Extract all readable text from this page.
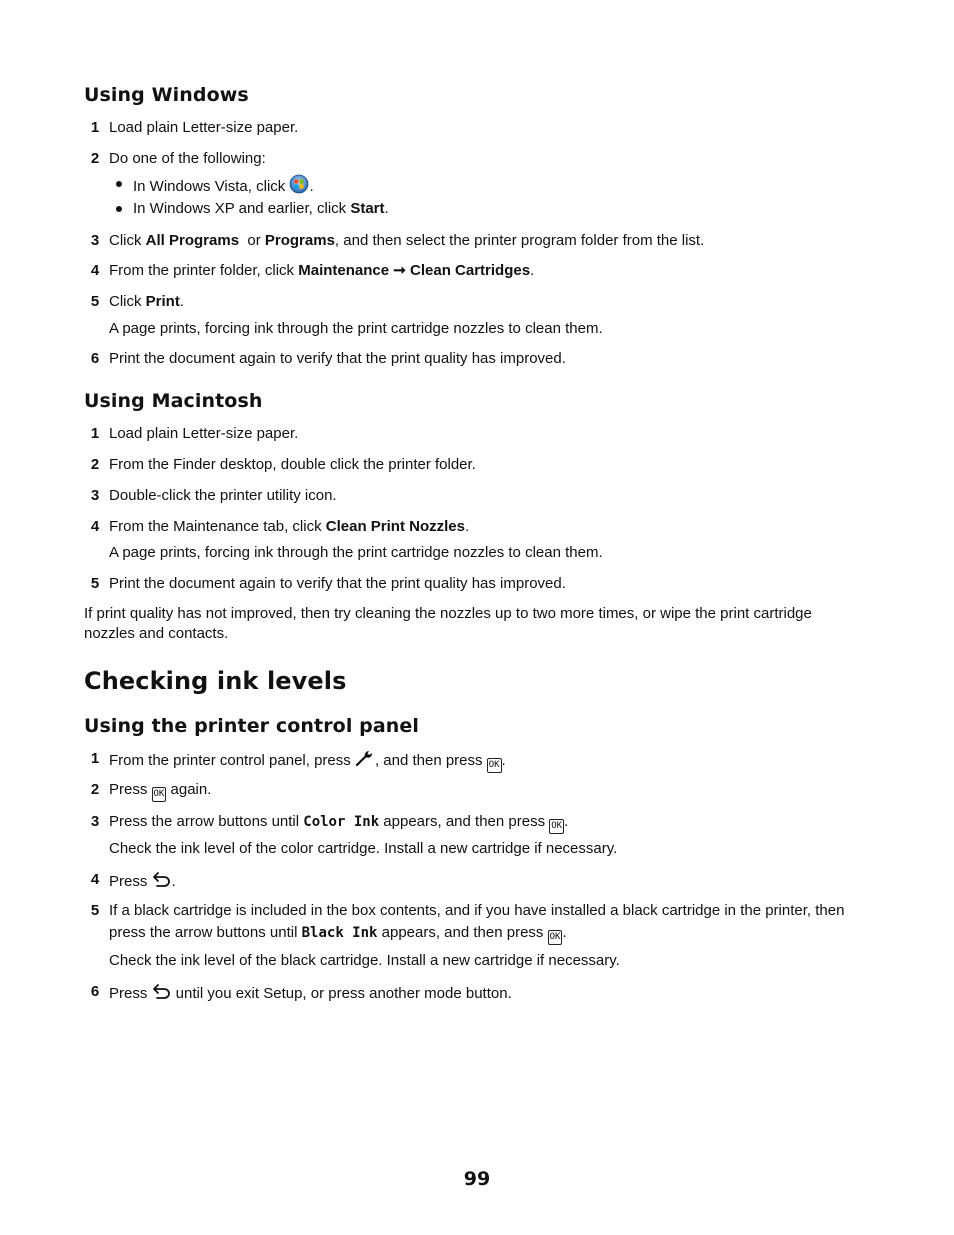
Using Windows
1 Load plain Letter-size paper.
2 Do one of the following:
In Windows Vista, click .
In Windows XP and earlier, click Start.
3 Click All Programs  or Programs, and then select the printer program folder from the list.
4 From the printer folder, click Maintenance ➞ Clean Cartridges.
5 Click Print.
A page prints, forcing ink through the print cartridge nozzles to clean them.
6 Print the document again to verify that the print quality has improved.
Using Macintosh
1 Load plain Letter-size paper.
2 From the Finder desktop, double click the printer folder.
3 Double-click the printer utility icon.
4 From the Maintenance tab, click Clean Print Nozzles.
A page prints, forcing ink through the print cartridge nozzles to clean them.
5 Print the document again to verify that the print quality has improved.
If print quality has not improved, then try cleaning the nozzles up to two more times, or wipe the print cartridge nozzles and contacts.
Checking ink levels
Using the printer control panel
1 From the printer control panel, press , and then press OK .
2 Press OK again.
3 Press the arrow buttons until Color Ink appears, and then press OK .
Check the ink level of the color cartridge. Install a new cartridge if necessary.
4 Press .
5 If a black cartridge is included in the box contents, and if you have installed a black cartridge in the printer, then
press the arrow buttons until Black Ink appears, and then press OK .
Check the ink level of the black cartridge. Install a new cartridge if necessary.
6 Press  until you exit Setup, or press another mode button.
99
